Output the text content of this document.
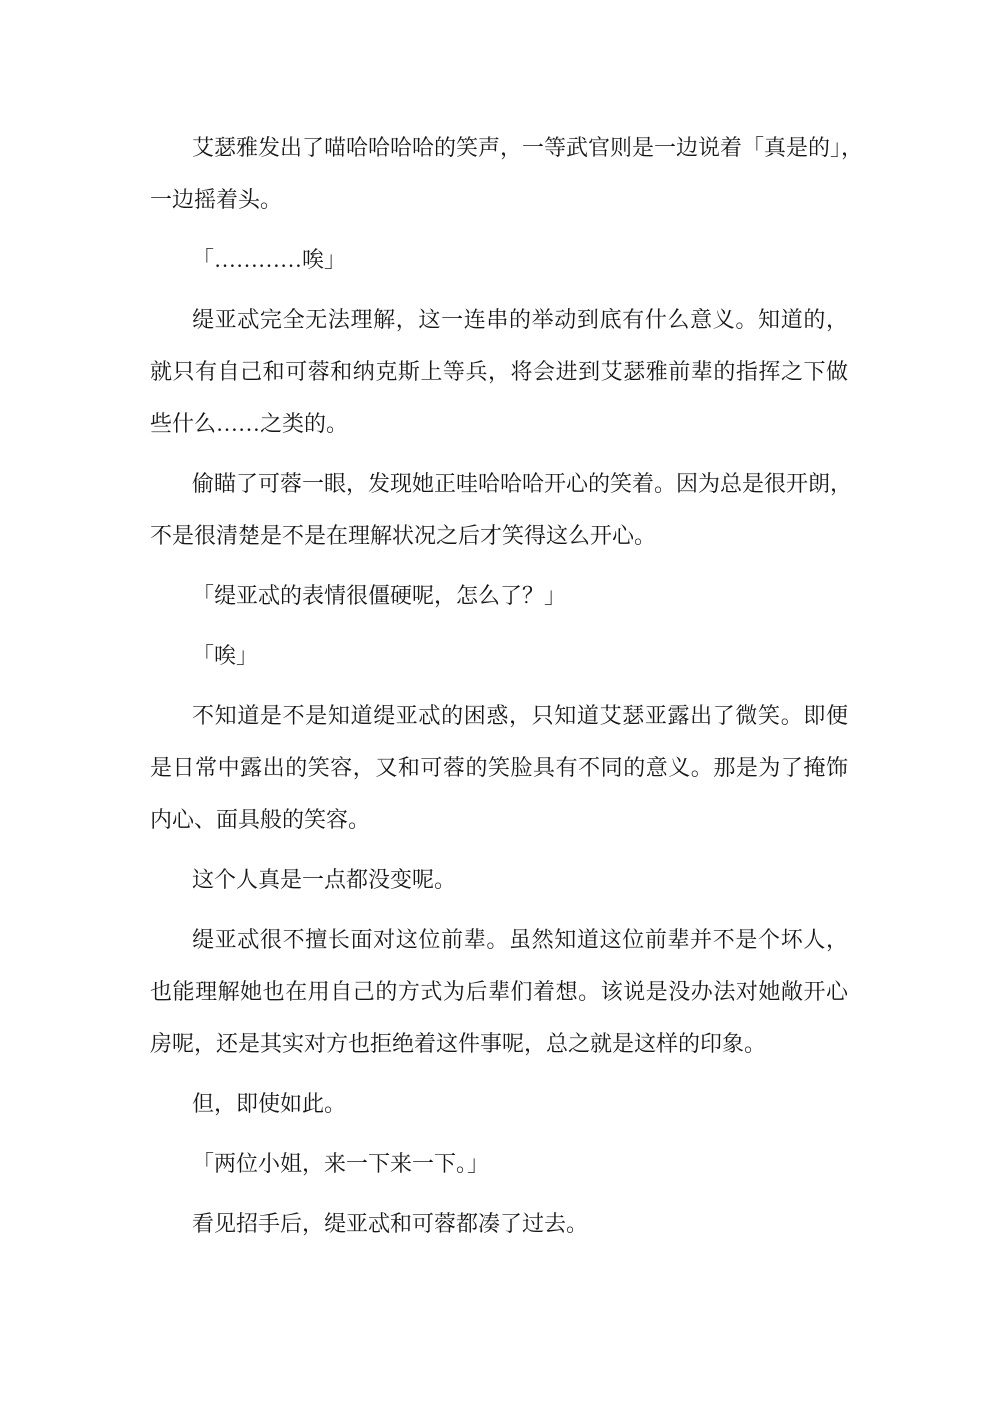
艾瑟雅发出了喵哈哈哈哈的笑声，一等武官则是一边说着「真是的」，
一边摇着头。
「…………唉」
缇亚忒完全无法理解，这一连串的举动到底有什么意义。知道的，
就只有自己和可蓉和纳克斯上等兵，将会进到艾瑟雅前辈的指挥之下做
些什么……之类的。
偷瞄了可蓉一眼，发现她正哇哈哈哈开心的笑着。因为总是很开朗，
不是很清楚是不是在理解状况之后才笑得这么开心。
「缇亚忒的表情很僵硬呢，怎么了？」
「唉」
不知道是不是知道缇亚忒的困惑，只知道艾瑟亚露出了微笑。即便
是日常中露出的笑容，又和可蓉的笑脸具有不同的意义。那是为了掩饰
内心、面具般的笑容。
这个人真是一点都没变呢。
缇亚忒很不擅长面对这位前辈。虽然知道这位前辈并不是个坏人，
也能理解她也在用自己的方式为后辈们着想。该说是没办法对她敞开心
房呢，还是其实对方也拒绝着这件事呢，总之就是这样的印象。
但，即使如此。
「两位小姐，来一下来一下。」
看见招手后，缇亚忒和可蓉都凑了过去。
